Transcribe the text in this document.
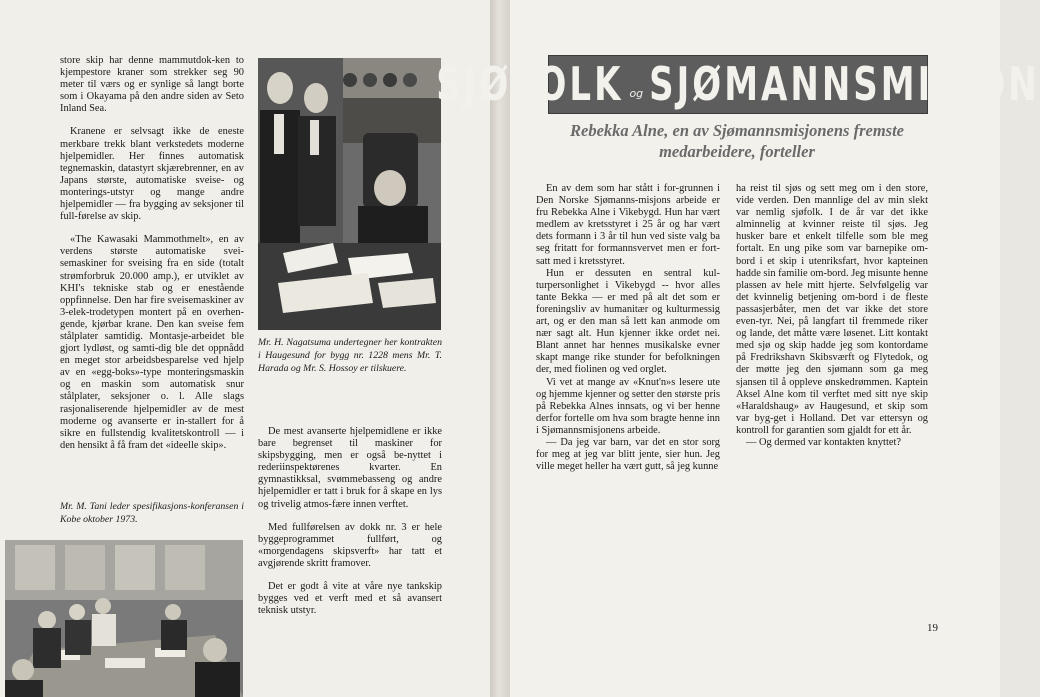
store skip har denne mammutdok-ken to kjempestore kraner som strekker seg 90 meter til værs og er synlige så langt borte som i Okayama på den andre siden av Seto Inland Sea.

Kranene er selvsagt ikke de eneste merkbare trekk blant verkstedets moderne hjelpemidler. Her finnes automatisk tegnemaskin, datastyrt skjærebrenner, en av Japans største, automatiske sveise- og monterings-utstyr og mange andre hjelpemidler — fra bygging av seksjoner til full-førelse av skip.

«The Kawasaki Mammothmelt», en av verdens største automatiske svei-semaskiner for sveising fra en side (totalt strømforbruk 20.000 amp.), er utviklet av KHI's tekniske stab og er enestående oppfinnelse. Den har fire sveisemaskiner av 3-elek-trodetypen montert på en overhen-gende, kjørbar krane. Den kan sveise fem stålplater samtidig. Montasje-arbeidet ble gjort lydløst, og samti-dig ble det oppnådd en meget stor arbeidsbesparelse ved hjelp av en «egg-boks»-type monteringsmaskin og en maskin som automatisk snur stålplater, seksjoner o. l. Alle slags rasjonaliserende hjelpemidler av de mest moderne og avanserte er in-stallert for å sikre en fullstendig kvalitetskontroll — i den hensikt å få fram det «ideelle skip».

Mr. H. Nagatsuma undertegner her kontrakten i Haugesund for bygg nr. 1228 mens Mr. T. Harada og Mr. S. Hossoy er tilskuere.
Mr. M. Tani leder spesifikasjons-konferansen i Kobe oktober 1973.

De mest avanserte hjelpemidlene er ikke bare begrenset til maskiner for skipsbygging, men er også be-nyttet i rederiinspektørenes kvarter. En gymnastikksal, svømmebasseng og andre hjelpemidler er tatt i bruk for å skape en lys og trivelig atmos-fære innen verftet.

Med fullførelsen av dokk nr. 3 er hele byggeprogrammet fullført, og «morgendagens skipsverft» har tatt et avgjørende skritt framover.

Det er godt å vite at våre nye tankskip bygges ved et verft med et så avansert teknisk utstyr.

SJØFOLK og SJØMANNSMISJON
Rebekka Alne, en av Sjømannsmisjonens fremste medarbeidere, forteller

En av dem som har stått i for-grunnen i Den Norske Sjømanns-misjons arbeide er fru Rebekka Alne i Vikebygd. Hun har vært medlem av kretsstyret i 25 år og har vært dets formann i 3 år til hun ved siste valg ba seg fritatt for formannsvervet men er fort-satt med i kretsstyret.

Hun er dessuten en sentral kul-turpersonlighet i Vikebygd -- hvor alles tante Bekka — er med på alt det som er foreningsliv av humanitær og kulturmessig art, og er den man så lett kan anmode om nær sagt alt. Hun kjenner ikke ordet nei. Blant annet har hennes musikalske evner skapt mange rike stunder for befolkningen der, med fiolinen og ved orglet.

Vi vet at mange av «Knut'n»s lesere ute og hjemme kjenner og setter den største pris på Rebekka Alnes innsats, og vi ber henne derfor fortelle om hva som bragte henne inn i Sjømannsmisjonens arbeide.

— Da jeg var barn, var det en stor sorg for meg at jeg var blitt jente, sier hun. Jeg ville meget heller ha vært gutt, så jeg kunne

ha reist til sjøs og sett meg om i den store, vide verden. Den mannlige del av min slekt var nemlig sjøfolk. I de år var det ikke alminnelig at kvinner reiste til sjøs. Jeg husker bare et enkelt tilfelle som ble meg fortalt. En ung pike som var barnepike om-bord i et skip i utenriksfart, hvor kapteinen hadde sin familie om-bord. Jeg misunte henne plassen av hele mitt hjerte. Selvfølgelig var det kvinnelig betjening om-bord i de fleste passasjerbåter, men det var ikke det store even-tyr. Nei, på langfart til fremmede riker og lande, det måtte være løsenet. Litt kontakt med sjø og skip hadde jeg som kontordame på Fredrikshavn Skibsværft og Flytedok, og der møtte jeg den sjømann som ga meg sjansen til å oppleve ønskedrømmen. Kaptein Aksel Alne kom til verftet med sitt nye skip «Haraldshaug» av Haugesund, et skip som var byg-get i Holland. Det var ettersyn og kontroll for garantien som gjaldt for ett år.

— Og dermed var kontakten knyttet?

19
